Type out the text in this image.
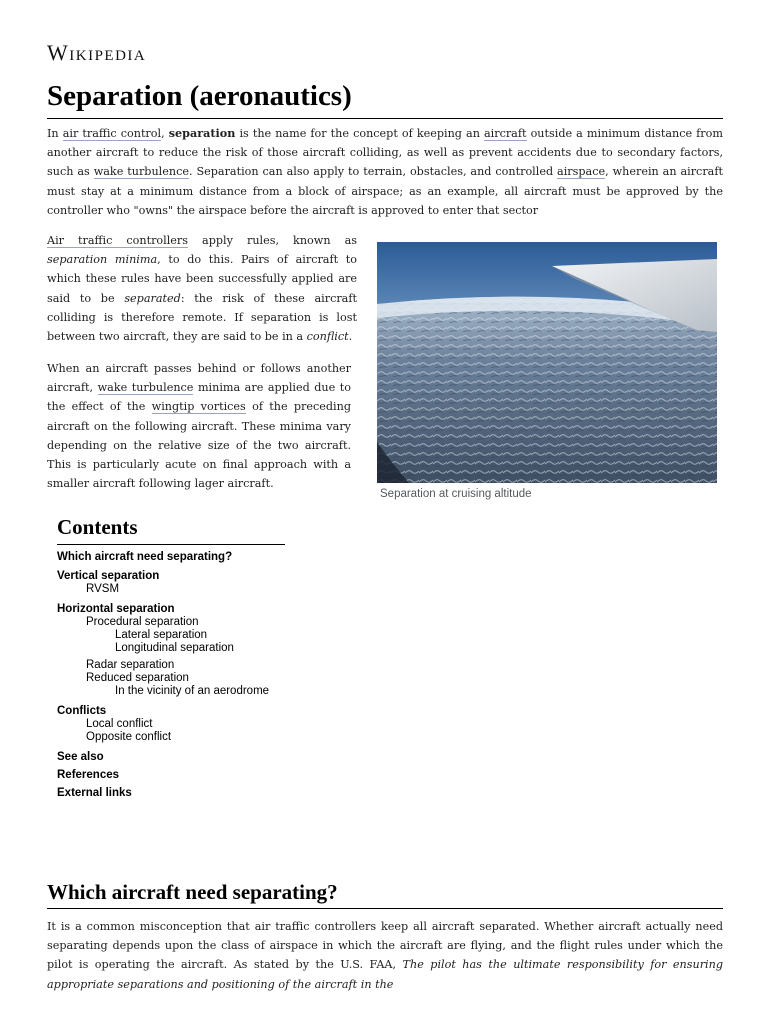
Wikipedia
Separation (aeronautics)

In air traffic control, separation is the name for the concept of keeping an aircraft outside a minimum distance from another aircraft to reduce the risk of those aircraft colliding, as well as prevent accidents due to secondary factors, such as wake turbulence. Separation can also apply to terrain, obstacles, and controlled airspace, wherein an aircraft must stay at a minimum distance from a block of airspace; as an example, all aircraft must be approved by the controller who "owns" the airspace before the aircraft is approved to enter that sector

Air traffic controllers apply rules, known as separation minima, to do this. Pairs of aircraft to which these rules have been successfully applied are said to be separated: the risk of these aircraft colliding is therefore remote. If separation is lost between two aircraft, they are said to be in a conflict.

When an aircraft passes behind or follows another aircraft, wake turbulence minima are applied due to the effect of the wingtip vortices of the preceding aircraft on the following aircraft. These minima vary depending on the relative size of the two aircraft. This is particularly acute on final approach with a smaller aircraft following lager aircraft.

Separation at cruising altitude
Contents
Which aircraft need separating?
Vertical separation
RVSM
Horizontal separation
Procedural separation
Lateral separation
Longitudinal separation
Radar separation
Reduced separation
In the vicinity of an aerodrome
Conflicts
Local conflict
Opposite conflict
See also
References
External links
Which aircraft need separating?

It is a common misconception that air traffic controllers keep all aircraft separated. Whether aircraft actually need separating depends upon the class of airspace in which the aircraft are flying, and the flight rules under which the pilot is operating the aircraft. As stated by the U.S. FAA, The pilot has the ultimate responsibility for ensuring appropriate separations and positioning of the aircraft in the
